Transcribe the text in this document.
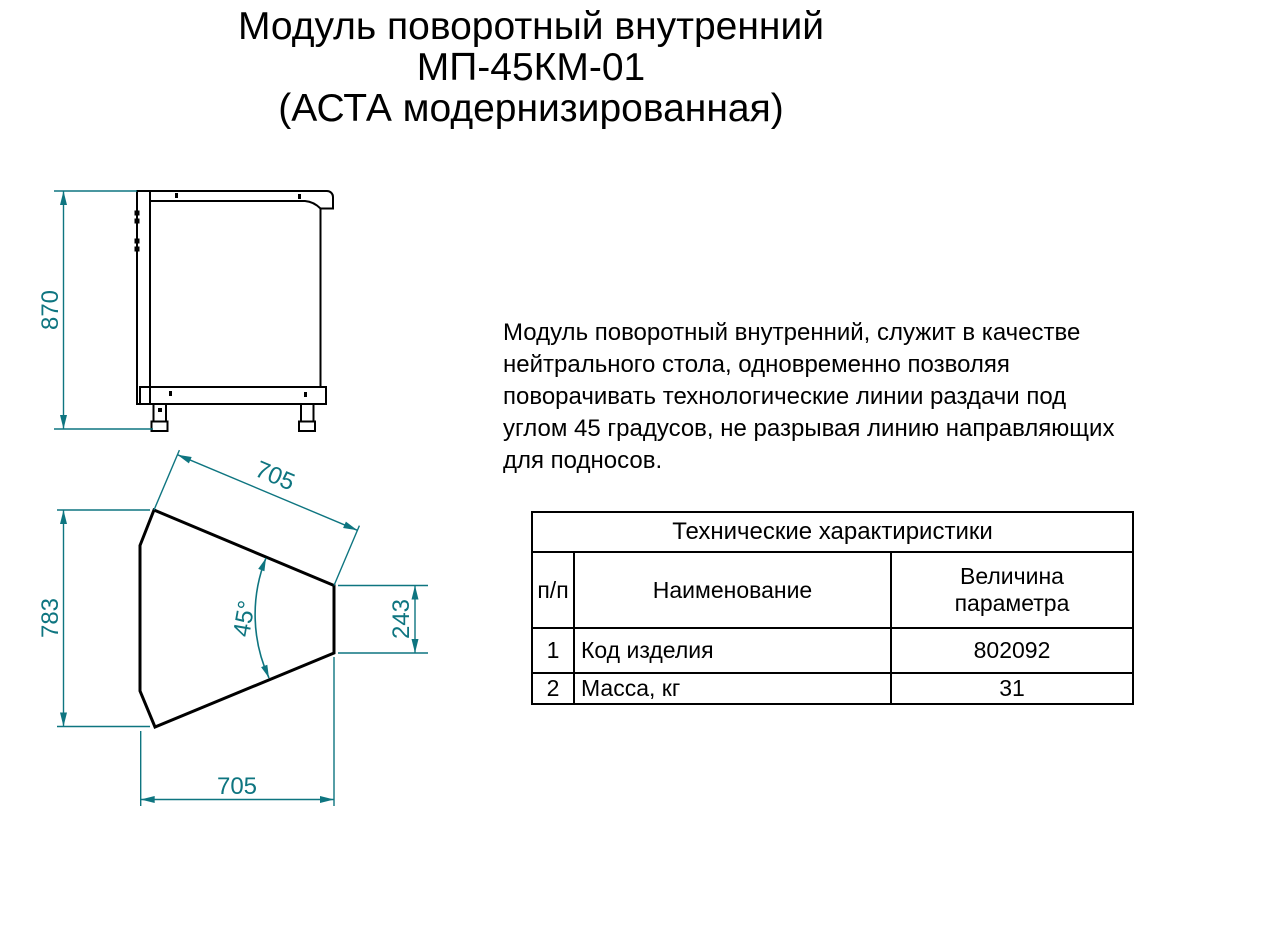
Модуль поворотный внутренний
МП-45КМ-01
(АСТА модернизированная)
870
783
705
243
705
45°
Модуль поворотный внутренний, служит в качестве
нейтрального стола, одновременно позволяя
поворачивать технологические линии раздачи под
углом 45 градусов, не разрывая линию направляющих
для подносов.
Технические характиристики		
п/п	Наименование	Величина параметра

1	Код изделия	802092
2	Масса, кг	31
